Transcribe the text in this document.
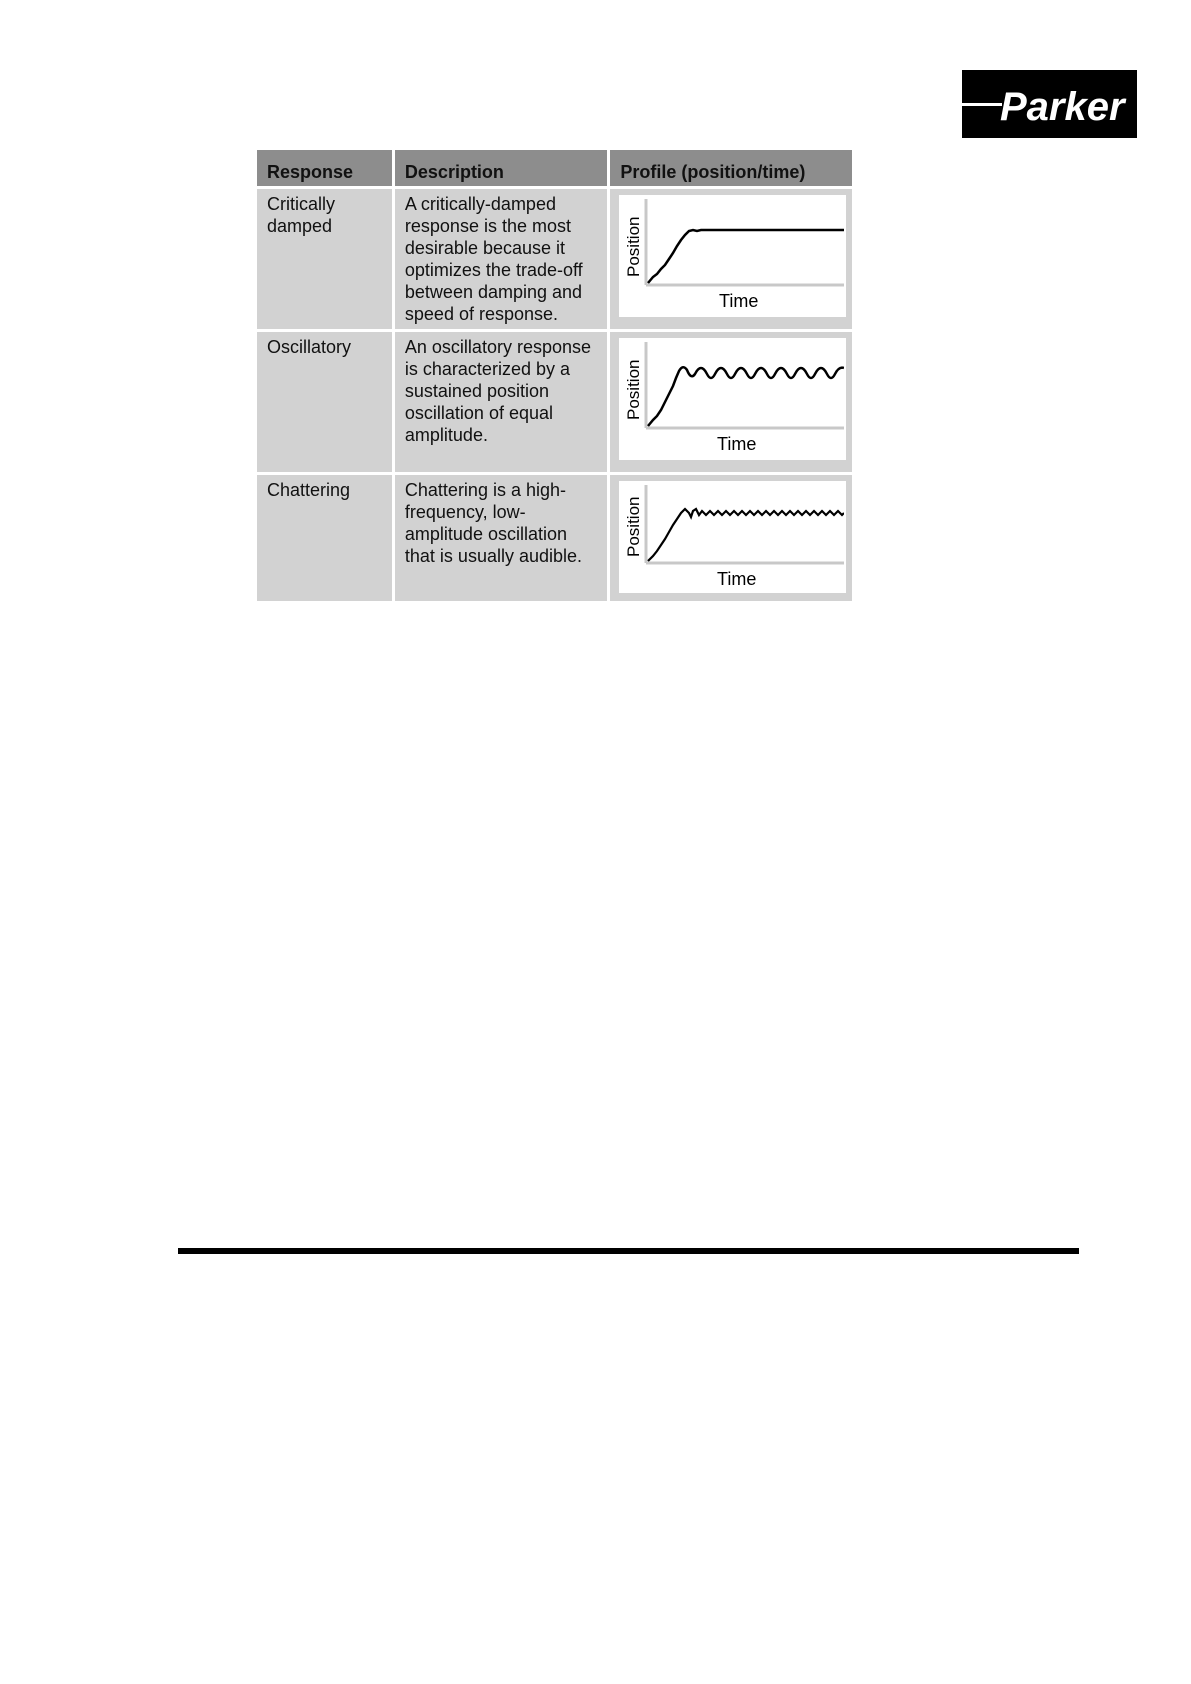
Parker
Response	Description	Profile (position/time)
Critically damped	A critically-damped response is the most desirable because it optimizes the trade-off between damping and speed of response.	Position
Time

Oscillatory	An oscillatory response is characterized by a sustained position oscillation of equal amplitude.	Position
Time

Chattering	Chattering is a high-frequency, low-amplitude oscillation that is usually audible.	Position
Time
